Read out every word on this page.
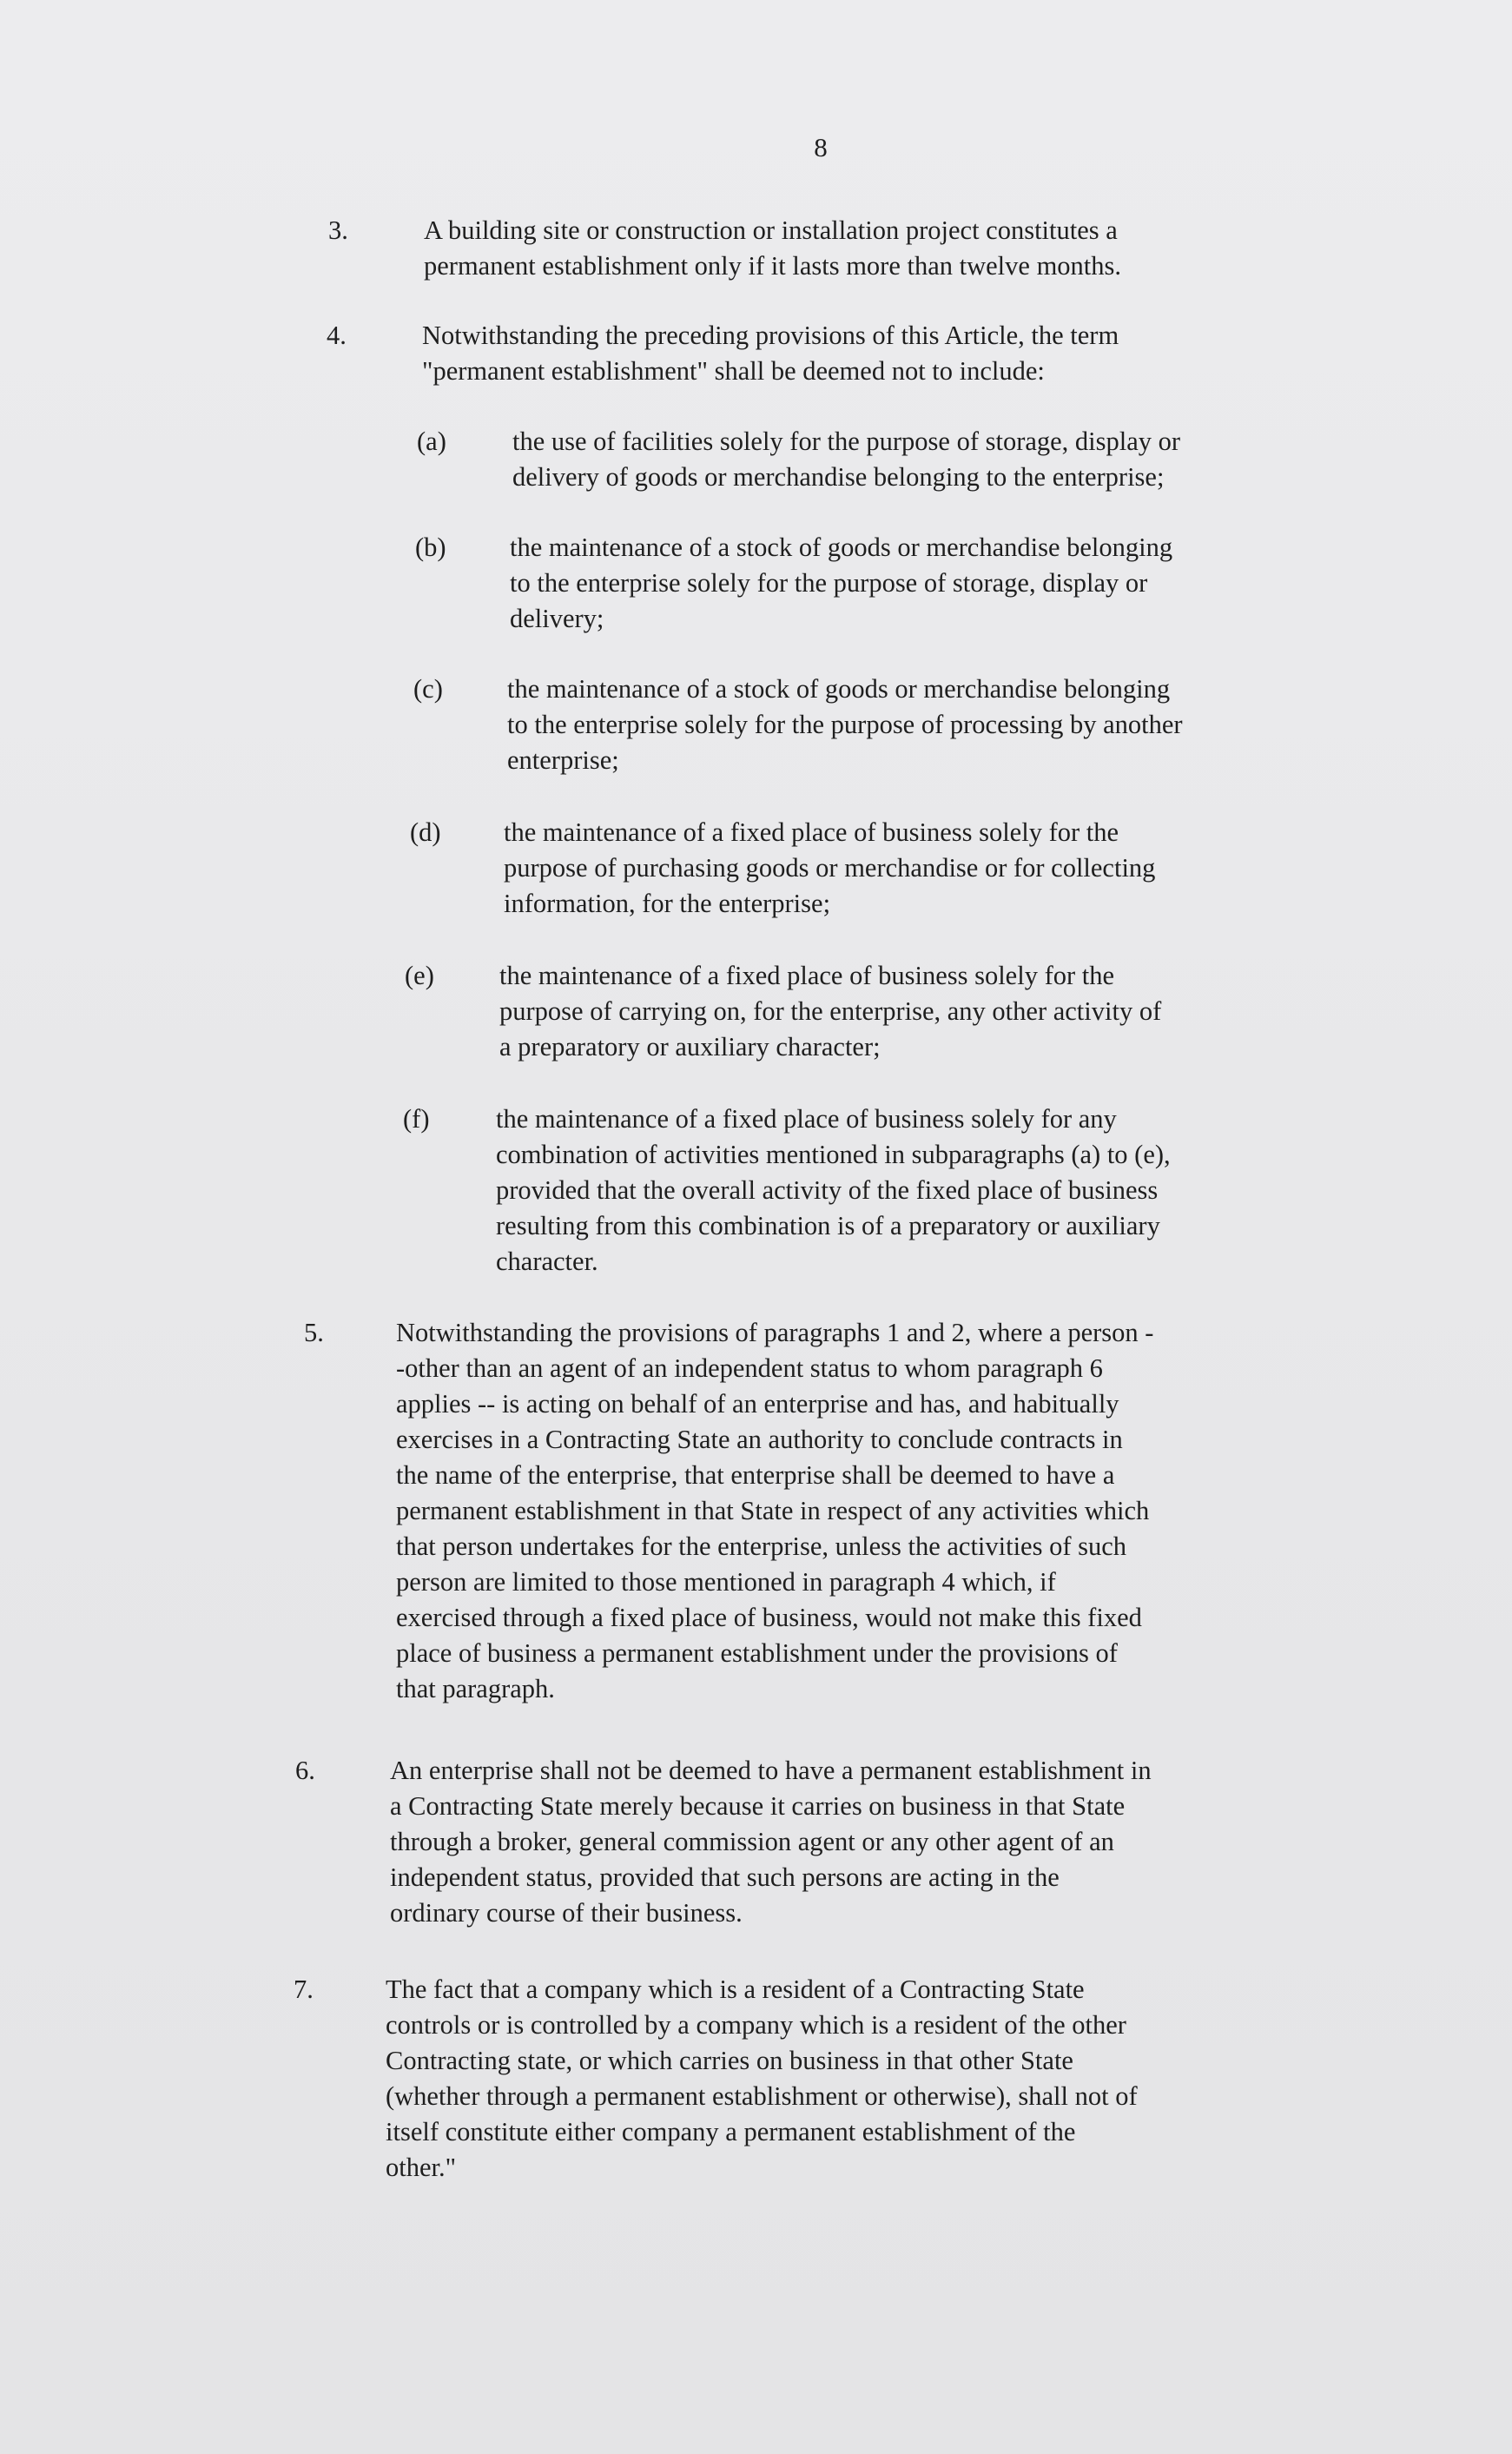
8
3.	A building site or construction or installation project constitutes a
permanent establishment only if it lasts more than twelve months.
4.	Notwithstanding the preceding provisions of this Article, the term
"permanent establishment" shall be deemed not to include:
(a) the use of facilities solely for the purpose of storage, display or
delivery of goods or merchandise belonging to the enterprise;
(b) the maintenance of a stock of goods or merchandise belonging
to the enterprise solely for the purpose of storage, display or
delivery;
(c) the maintenance of a stock of goods or merchandise belonging
to the enterprise solely for the purpose of processing by another
enterprise;
(d) the maintenance of a fixed place of business solely for the
purpose of purchasing goods or merchandise or for collecting
information, for the enterprise;
(e) the maintenance of a fixed place of business solely for the
purpose of carrying on, for the enterprise, any other activity of
a preparatory or auxiliary character;
(f)	the maintenance of a fixed place of business solely for any
combination of activities mentioned in subparagraphs (a) to (e),
provided that the overall activity of the fixed place of business
resulting from this combination is of a preparatory or auxiliary
character.
5.	Notwithstanding the provisions of paragraphs 1 and 2, where a person -
-other than an agent of an independent status to whom paragraph 6
applies -- is acting on behalf of an enterprise and has, and habitually
exercises in a Contracting State an authority to conclude contracts in
the name of the enterprise, that enterprise shall be deemed to have a
permanent establishment in that State in respect of any activities which
that person undertakes for the enterprise, unless the activities of such
person are limited to those mentioned in paragraph 4 which, if
exercised through a fixed place of business, would not make this fixed
place of business a permanent establishment under the provisions of
that paragraph.
6.	An enterprise shall not be deemed to have a permanent establishment in
a Contracting State merely because it carries on business in that State
through a broker, general commission agent or any other agent of an
independent status, provided that such persons are acting in the
ordinary course of their business.
7.	The fact that a company which is a resident of a Contracting State
controls or is controlled by a company which is a resident of the other
Contracting state, or which carries on business in that other State
(whether through a permanent establishment or otherwise), shall not of
itself constitute either company a permanent establishment of the
other."
